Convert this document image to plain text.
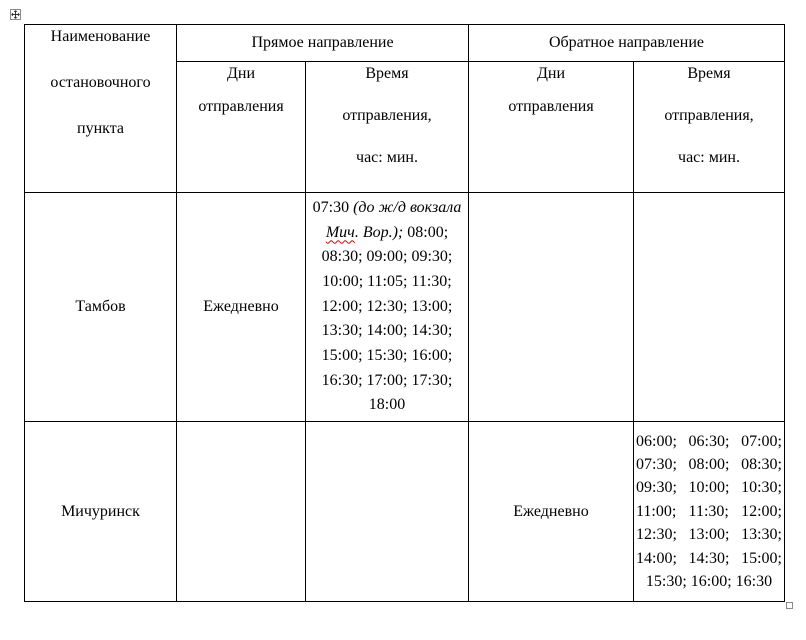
Наименование
остановочного
пункта	Прямое направление		Обратное направление	

	Дни
отправления	Время
отправления,
час: мин.	Дни
отправления	Время
отправления,
час: мин.

Тамбов	Ежедневно	07:30 (до ж/д вокзала Мич. Вор.); 08:00; 08:30; 09:00; 09:30; 10:00; 11:05; 11:30; 12:00; 12:30; 13:00; 13:30; 14:00; 14:30; 15:00; 15:30; 16:00; 16:30; 17:00; 17:30; 18:00		
Мичуринск			Ежедневно	06:00; 06:30; 07:00; 07:30; 08:00; 08:30; 09:30; 10:00; 10:30; 11:00; 11:30; 12:00; 12:30; 13:00; 13:30; 14:00; 14:30; 15:00; 15:30; 16:00; 16:30
